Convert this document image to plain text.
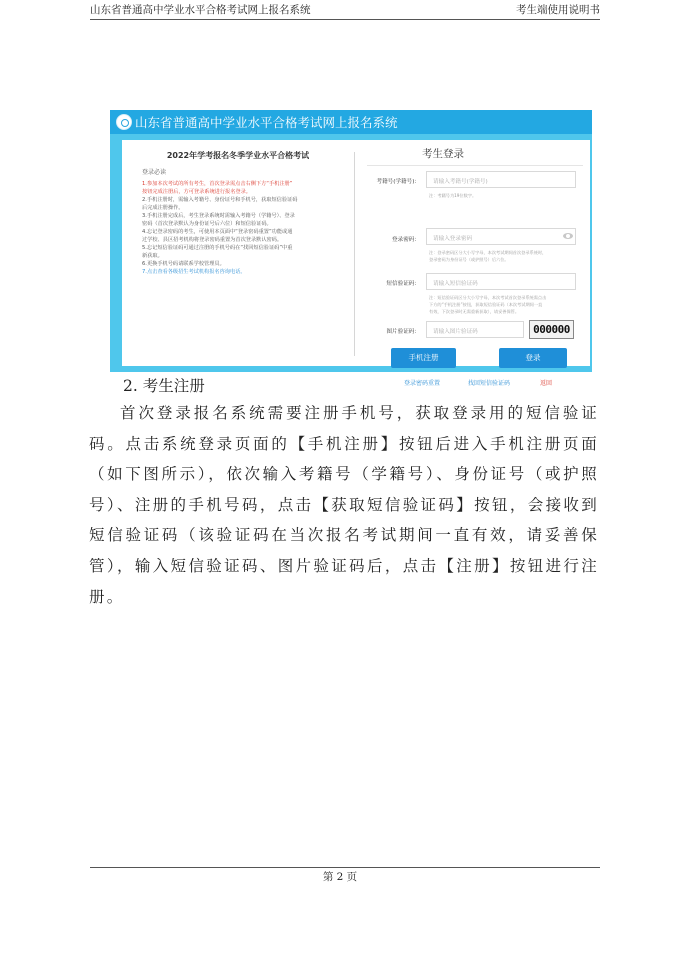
山东省普通高中学业水平合格考试网上报名系统	考生端使用说明书
山东省普通高中学业水平合格考试网上报名系统
2022年学考报名冬季学业水平合格考试
登录必读
1.参加本次考试的所有考生，首次登录需点击右侧下方“手机注册”
按钮完成注册后，方可登录系统进行报名登录。
2.手机注册时，需输入考籍号、身份证号和手机号，获取短信验证码
后完成注册操作。
3.手机注册完成后，考生登录系统时需输入考籍号（学籍号）、登录
密码（首次登录默认为身份证号后六位）和短信验证码。
4.忘记登录密码的考生，可使用本页面中“登录密码重置”功能或通
过学校、县区招考机构将登录密码重置为首次登录默认密码。
5.忘记短信验证码可通过注册的手机号码在“找回短信验证码”中重
新获取。
6.更换手机号码请联系学校管理员。
7.点击查看各级招生考试机构报名咨询电话。
考生登录
考籍号(学籍号)：	请输入考籍号(学籍号)
注：考籍号为19位数字。
登录密码：	请输入登录密码
注：登录密码区分大小写字母，本次考试期间首次登录系统时，
登录密码为身份证号（或护照号）后六位。
短信验证码：	请输入短信验证码
注：短信验证码区分大小写字母，本次考试首次登录系统需点击
下方的“手机注册”按钮，获取短信验证码（本次考试期间一直
有效，下次登录时无需重新获取），请妥善保管。
图片验证码：	请输入图片验证码	000000
手机注册	登录
登录密码重置	找回短信验证码	返回
2. 考生注册
首次登录报名系统需要注册手机号，获取登录用的短信验证码。点击系统登录页面的【手机注册】按钮后进入手机注册页面（如下图所示），依次输入考籍号（学籍号）、身份证号（或护照号）、注册的手机号码，点击【获取短信验证码】按钮，会接收到短信验证码（该验证码在当次报名考试期间一直有效，请妥善保管），输入短信验证码、图片验证码后，点击【注册】按钮进行注册。
第 2 页
